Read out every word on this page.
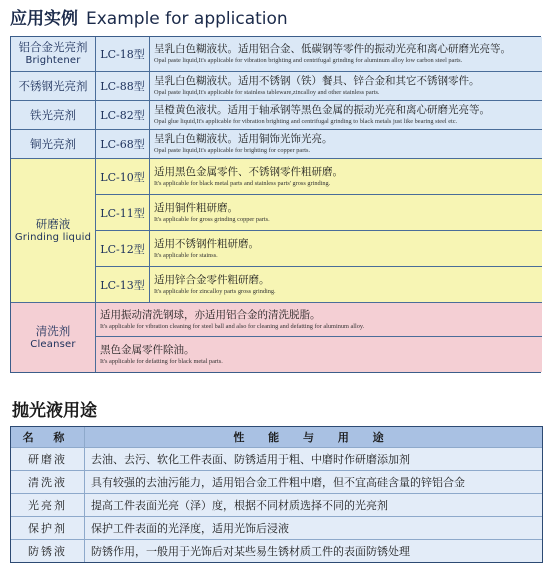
应用实例 Example for application
铝合金光亮剂
Brightener	LC-18型 呈乳白色糊液状。适用铝合金、低碳钢等零件的振动光亮和离心研磨光亮等。
Opal paste liquid,It's applicable for vibration brighting and centrifugal grinding for aluminum alloy low carbon steel parts.
不锈钢光亮剂	LC-88型 呈乳白色糊液状。适用不锈钢（铁）餐具、锌合金和其它不锈钢零件。
Opal paste liquid,It's applicable for stainless tableware,zincalloy and other stainless parts.
铁光亮剂	LC-82型 呈橙黄色液状。适用于轴承钢等黑色金属的振动光亮和离心研磨光亮等。
Opal glue liquid,It's applicable for vibration brighting and centrifugal grinding to black metals just like bearing steel etc.
铜光亮剂	LC-68型 呈乳白色糊液状。适用铜饰光饰光亮。
Opal paste liquid,It's applicable for brighting for copper parts.
研磨液
Grinding liquid
LC-10型 适用黑色金属零件、不锈钢零件粗研磨。
It's applicable for black metal parts and stainless parts' gross grinding.
LC-11型 适用铜件粗研磨。
It's applicable for gross grinding copper parts.
LC-12型 适用不锈钢件粗研磨。
It's applicable for stainss.
LC-13型 适用锌合金零件粗研磨。
It's applicable for zincalloy parts gross grinding.
清洗剂
Cleanser
适用振动清洗钢球，亦适用铝合金的清洗脱脂。
It's applicable for vibration cleaning for steel ball and also for cleaning and defatting for aluminum alloy.
黑色金属零件除油。
It's applicable for defatting for black metal parts.
抛光液用途
名 称	性 能 与 用 途
研磨液	去油、去污、软化工件表面、防锈适用于粗、中磨时作研磨添加剂
清洗液	具有较强的去油污能力，适用铝合金工件粗中磨，但不宜高硅含量的锌铝合金
光亮剂	提高工件表面光亮（泽）度，根据不同材质选择不同的光亮剂
保护剂	保护工件表面的光泽度，适用光饰后浸液
防锈液	防锈作用，一般用于光饰后对某些易生锈材质工件的表面防锈处理
